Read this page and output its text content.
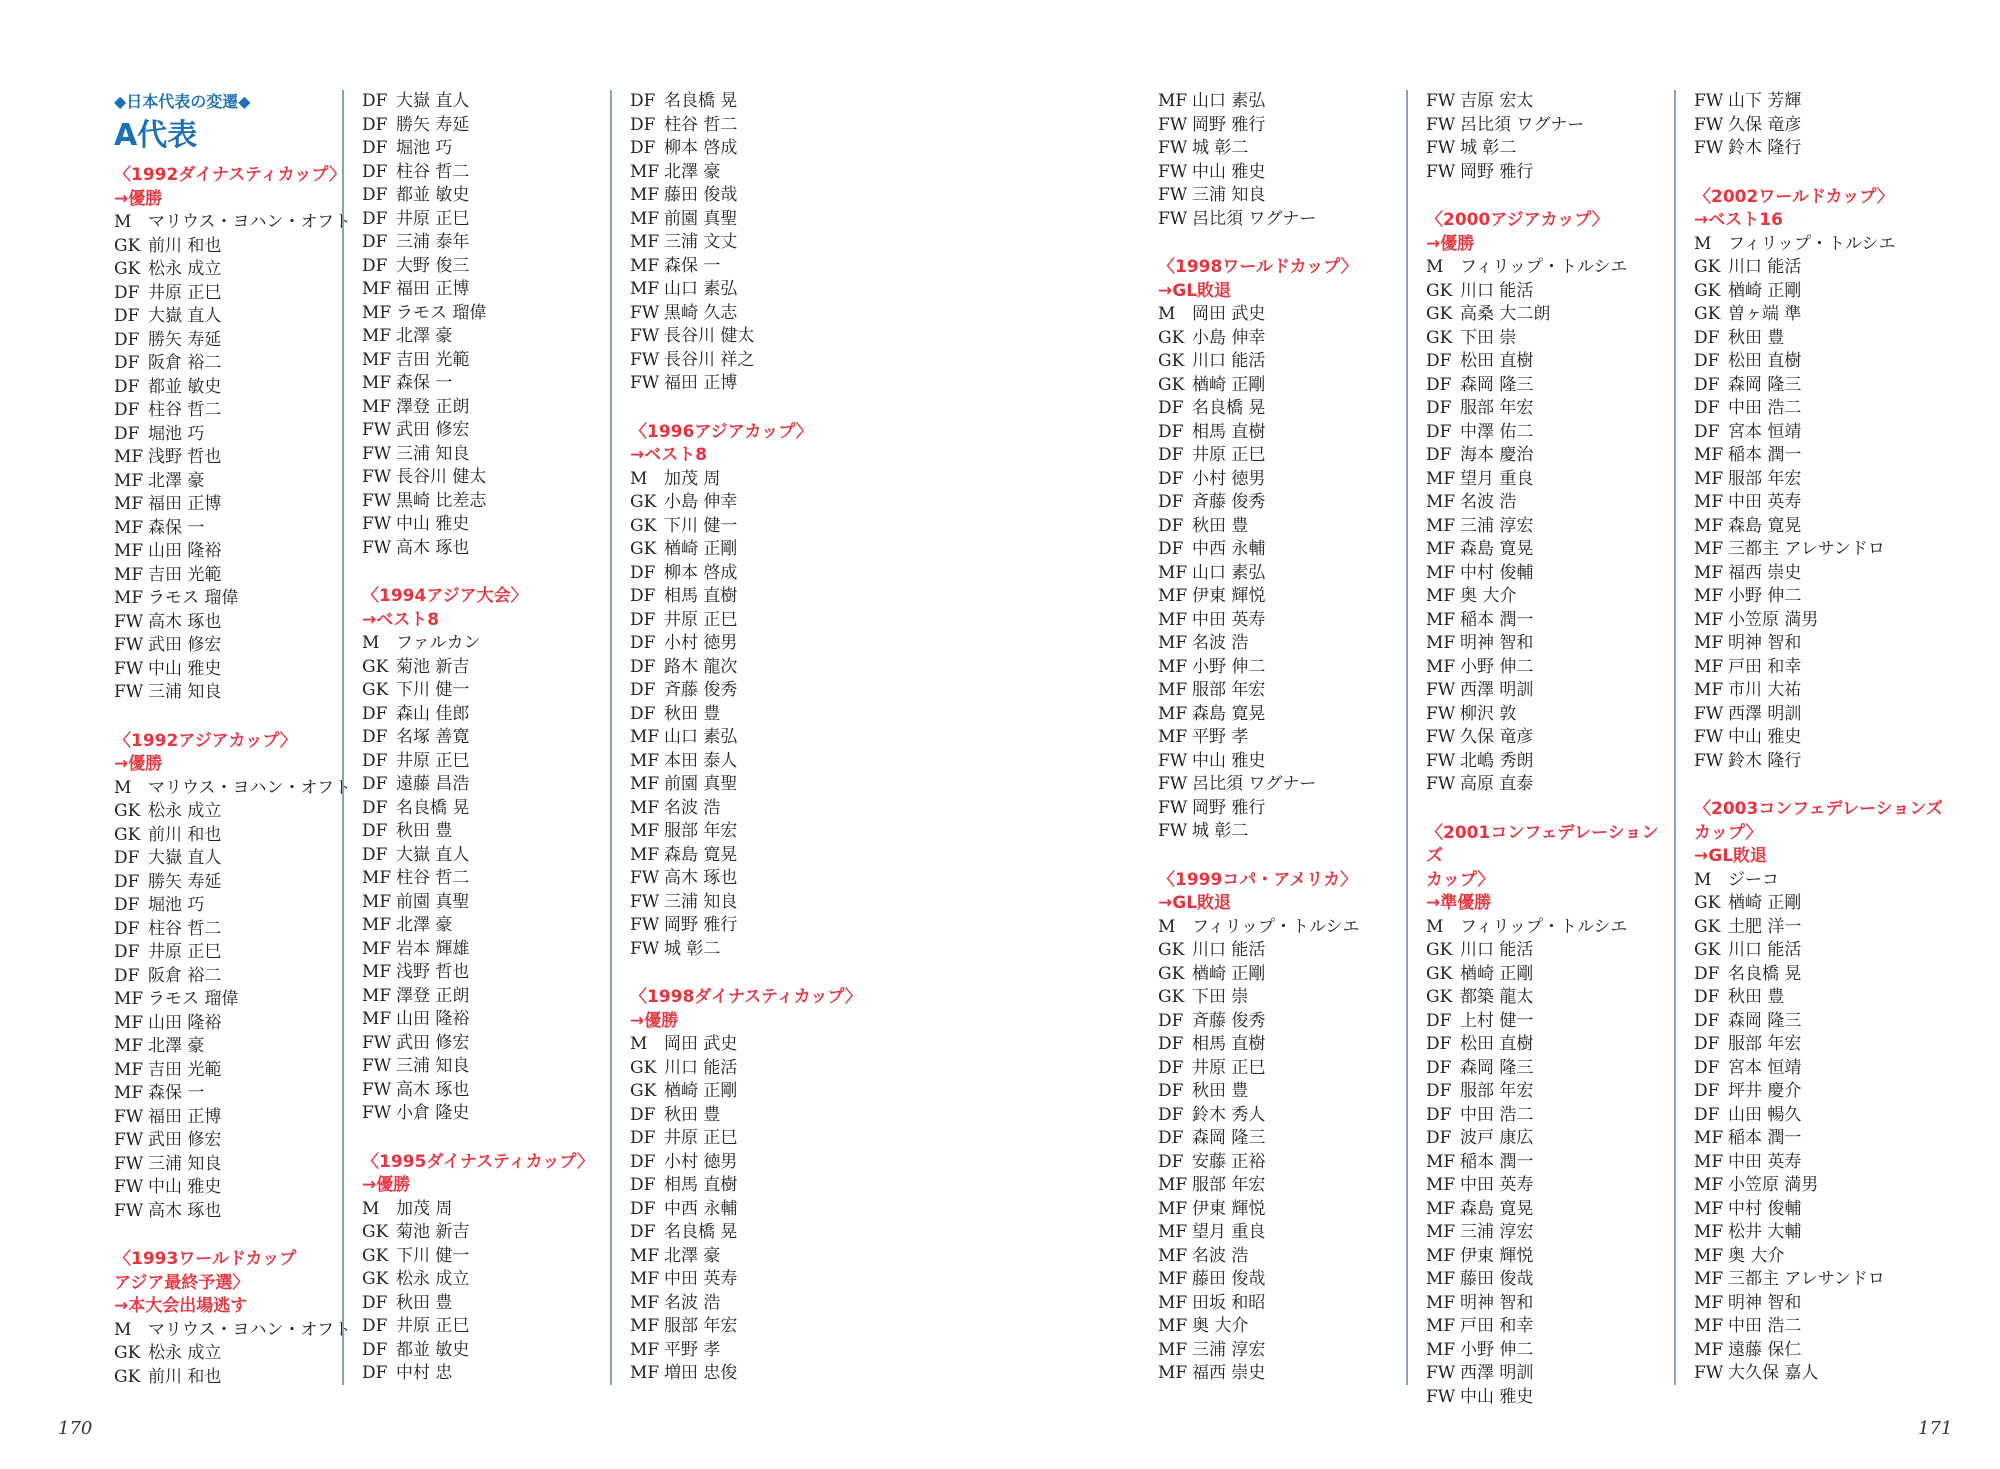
◆日本代表の変遷◆
A代表
〈1992ダイナスティカップ〉
→優勝
M マリウス・ヨハン・オフト
GK 前川 和也
GK 松永 成立
DF 井原 正巳
DF 大嶽 直人
DF 勝矢 寿延
DF 阪倉 裕二
DF 都並 敏史
DF 柱谷 哲二
DF 堀池 巧
MF 浅野 哲也
MF 北澤 豪
MF 福田 正博
MF 森保 一
MF 山田 隆裕
MF 吉田 光範
MF ラモス 瑠偉
FW 高木 琢也
FW 武田 修宏
FW 中山 雅史
FW 三浦 知良
〈1992アジアカップ〉
→優勝
M マリウス・ヨハン・オフト
GK 松永 成立
GK 前川 和也
DF 大嶽 直人
DF 勝矢 寿延
DF 堀池 巧
DF 柱谷 哲二
DF 井原 正巳
DF 阪倉 裕二
MF ラモス 瑠偉
MF 山田 隆裕
MF 北澤 豪
MF 吉田 光範
MF 森保 一
FW 福田 正博
FW 武田 修宏
FW 三浦 知良
FW 中山 雅史
FW 高木 琢也
〈1993ワールドカップ
アジア最終予選〉
→本大会出場逃す
M マリウス・ヨハン・オフト
GK 松永 成立
GK 前川 和也
DF 大嶽 直人
DF 勝矢 寿延
DF 堀池 巧
DF 柱谷 哲二
DF 都並 敏史
DF 井原 正巳
DF 三浦 泰年
DF 大野 俊三
MF 福田 正博
MF ラモス 瑠偉
MF 北澤 豪
MF 吉田 光範
MF 森保 一
MF 澤登 正朗
FW 武田 修宏
FW 三浦 知良
FW 長谷川 健太
FW 黒崎 比差志
FW 中山 雅史
FW 高木 琢也
〈1994アジア大会〉
→ベスト8
M ファルカン
GK 菊池 新吉
GK 下川 健一
DF 森山 佳郎
DF 名塚 善寛
DF 井原 正巳
DF 遠藤 昌浩
DF 名良橋 晃
DF 秋田 豊
DF 大嶽 直人
MF 柱谷 哲二
MF 前園 真聖
MF 北澤 豪
MF 岩本 輝雄
MF 浅野 哲也
MF 澤登 正朗
MF 山田 隆裕
FW 武田 修宏
FW 三浦 知良
FW 高木 琢也
FW 小倉 隆史
〈1995ダイナスティカップ〉
→優勝
M 加茂 周
GK 菊池 新吉
GK 下川 健一
GK 松永 成立
DF 秋田 豊
DF 井原 正巳
DF 都並 敏史
DF 中村 忠
DF 名良橋 晃
DF 柱谷 哲二
DF 柳本 啓成
MF 北澤 豪
MF 藤田 俊哉
MF 前園 真聖
MF 三浦 文丈
MF 森保 一
MF 山口 素弘
FW 黒崎 久志
FW 長谷川 健太
FW 長谷川 祥之
FW 福田 正博
〈1996アジアカップ〉
→ベスト8
M 加茂 周
GK 小島 伸幸
GK 下川 健一
GK 楢崎 正剛
DF 柳本 啓成
DF 相馬 直樹
DF 井原 正巳
DF 小村 徳男
DF 路木 龍次
DF 斉藤 俊秀
DF 秋田 豊
MF 山口 素弘
MF 本田 泰人
MF 前園 真聖
MF 名波 浩
MF 服部 年宏
MF 森島 寛晃
FW 高木 琢也
FW 三浦 知良
FW 岡野 雅行
FW 城 彰二
〈1998ダイナスティカップ〉
→優勝
M 岡田 武史
GK 川口 能活
GK 楢崎 正剛
DF 秋田 豊
DF 井原 正巳
DF 小村 徳男
DF 相馬 直樹
DF 中西 永輔
DF 名良橋 晃
MF 北澤 豪
MF 中田 英寿
MF 名波 浩
MF 服部 年宏
MF 平野 孝
MF 増田 忠俊
170
MF 山口 素弘
FW 岡野 雅行
FW 城 彰二
FW 中山 雅史
FW 三浦 知良
FW 呂比須 ワグナー
〈1998ワールドカップ〉
→GL敗退
M 岡田 武史
GK 小島 伸幸
GK 川口 能活
GK 楢崎 正剛
DF 名良橋 晃
DF 相馬 直樹
DF 井原 正巳
DF 小村 徳男
DF 斉藤 俊秀
DF 秋田 豊
DF 中西 永輔
MF 山口 素弘
MF 伊東 輝悦
MF 中田 英寿
MF 名波 浩
MF 小野 伸二
MF 服部 年宏
MF 森島 寛晃
MF 平野 孝
FW 中山 雅史
FW 呂比須 ワグナー
FW 岡野 雅行
FW 城 彰二
〈1999コパ・アメリカ〉
→GL敗退
M フィリップ・トルシエ
GK 川口 能活
GK 楢崎 正剛
GK 下田 崇
DF 斉藤 俊秀
DF 相馬 直樹
DF 井原 正巳
DF 秋田 豊
DF 鈴木 秀人
DF 森岡 隆三
DF 安藤 正裕
MF 服部 年宏
MF 伊東 輝悦
MF 望月 重良
MF 名波 浩
MF 藤田 俊哉
MF 田坂 和昭
MF 奥 大介
MF 三浦 淳宏
MF 福西 崇史
FW 吉原 宏太
FW 呂比須 ワグナー
FW 城 彰二
FW 岡野 雅行
〈2000アジアカップ〉
→優勝
M フィリップ・トルシエ
GK 川口 能活
GK 高桑 大二朗
GK 下田 崇
DF 松田 直樹
DF 森岡 隆三
DF 服部 年宏
DF 中澤 佑二
DF 海本 慶治
MF 望月 重良
MF 名波 浩
MF 三浦 淳宏
MF 森島 寛晃
MF 中村 俊輔
MF 奥 大介
MF 稲本 潤一
MF 明神 智和
MF 小野 伸二
FW 西澤 明訓
FW 柳沢 敦
FW 久保 竜彦
FW 北嶋 秀朗
FW 高原 直泰
〈2001コンフェデレーションズ
カップ〉
→準優勝
M フィリップ・トルシエ
GK 川口 能活
GK 楢崎 正剛
GK 都築 龍太
DF 上村 健一
DF 松田 直樹
DF 森岡 隆三
DF 服部 年宏
DF 中田 浩二
DF 波戸 康広
MF 稲本 潤一
MF 中田 英寿
MF 森島 寛晃
MF 三浦 淳宏
MF 伊東 輝悦
MF 藤田 俊哉
MF 明神 智和
MF 戸田 和幸
MF 小野 伸二
FW 西澤 明訓
FW 中山 雅史
FW 山下 芳輝
FW 久保 竜彦
FW 鈴木 隆行
〈2002ワールドカップ〉
→ベスト16
M フィリップ・トルシエ
GK 川口 能活
GK 楢崎 正剛
GK 曽ヶ端 準
DF 秋田 豊
DF 松田 直樹
DF 森岡 隆三
DF 中田 浩二
DF 宮本 恒靖
MF 稲本 潤一
MF 服部 年宏
MF 中田 英寿
MF 森島 寛晃
MF 三都主 アレサンドロ
MF 福西 崇史
MF 小野 伸二
MF 小笠原 満男
MF 明神 智和
MF 戸田 和幸
MF 市川 大祐
FW 西澤 明訓
FW 中山 雅史
FW 鈴木 隆行
〈2003コンフェデレーションズ
カップ〉
→GL敗退
M ジーコ
GK 楢崎 正剛
GK 土肥 洋一
GK 川口 能活
DF 名良橋 晃
DF 秋田 豊
DF 森岡 隆三
DF 服部 年宏
DF 宮本 恒靖
DF 坪井 慶介
DF 山田 暢久
MF 稲本 潤一
MF 中田 英寿
MF 小笠原 満男
MF 中村 俊輔
MF 松井 大輔
MF 奥 大介
MF 三都主 アレサンドロ
MF 明神 智和
MF 中田 浩二
MF 遠藤 保仁
FW 大久保 嘉人
171
